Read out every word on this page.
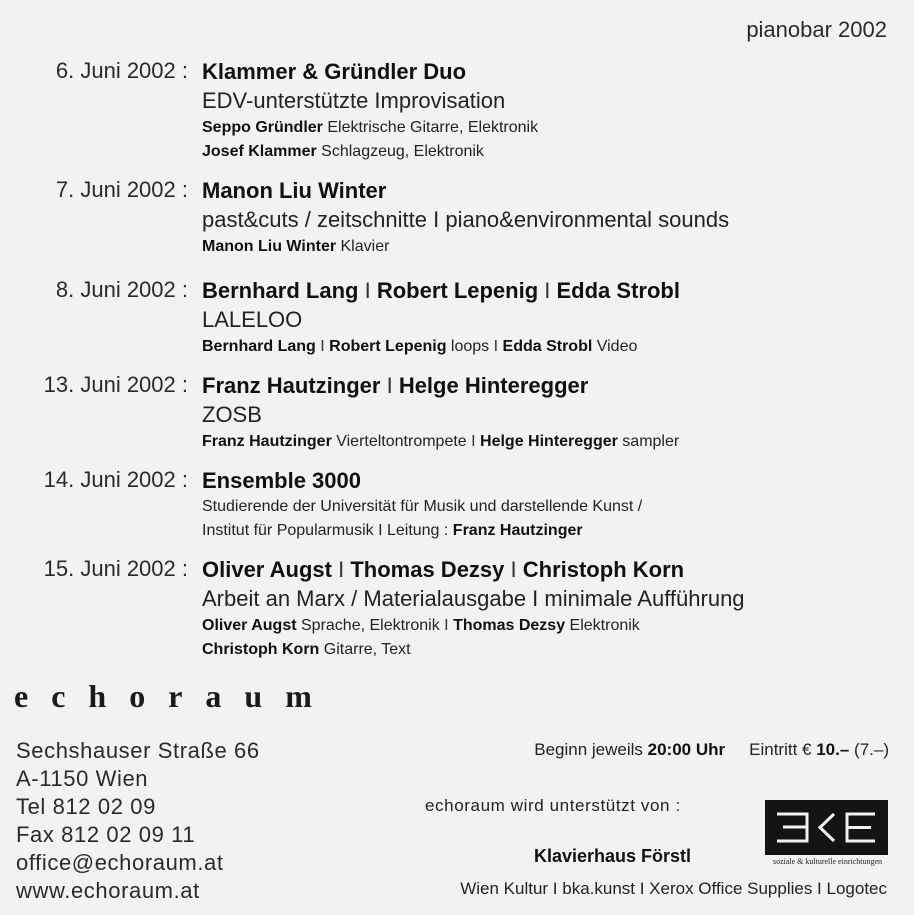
pianobar 2002
6. Juni 2002 : Klammer & Gründler Duo
EDV-unterstützte Improvisation
Seppo Gründler Elektrische Gitarre, Elektronik
Josef Klammer Schlagzeug, Elektronik
7. Juni 2002 : Manon Liu Winter
past&cuts / zeitschnitte I piano&environmental sounds
Manon Liu Winter Klavier
8. Juni 2002 : Bernhard Lang I Robert Lepenig I Edda Strobl
LALELOO
Bernhard Lang I Robert Lepenig loops I Edda Strobl Video
13. Juni 2002 : Franz Hautzinger I Helge Hinteregger
ZOSB
Franz Hautzinger Vierteltontrompete I Helge Hinteregger sampler
14. Juni 2002 : Ensemble 3000
Studierende der Universität für Musik und darstellende Kunst /
Institut für Popularmusik I Leitung : Franz Hautzinger
15. Juni 2002 : Oliver Augst I Thomas Dezsy I Christoph Korn
Arbeit an Marx / Materialausgabe I minimale Aufführung
Oliver Augst Sprache, Elektronik I Thomas Dezsy Elektronik
Christoph Korn Gitarre, Text
echoraum
Sechshauser Straße 66
A-1150 Wien
Tel 812 02 09
Fax 812 02 09 11
office@echoraum.at
www.echoraum.at
Beginn jeweils 20:00 Uhr Eintritt € 10.– (7.–)
echoraum wird unterstützt von :
soziale & kulturelle einrichtungen
Klavierhaus Förstl
Wien Kultur I bka.kunst I Xerox Office Supplies I Logotec
